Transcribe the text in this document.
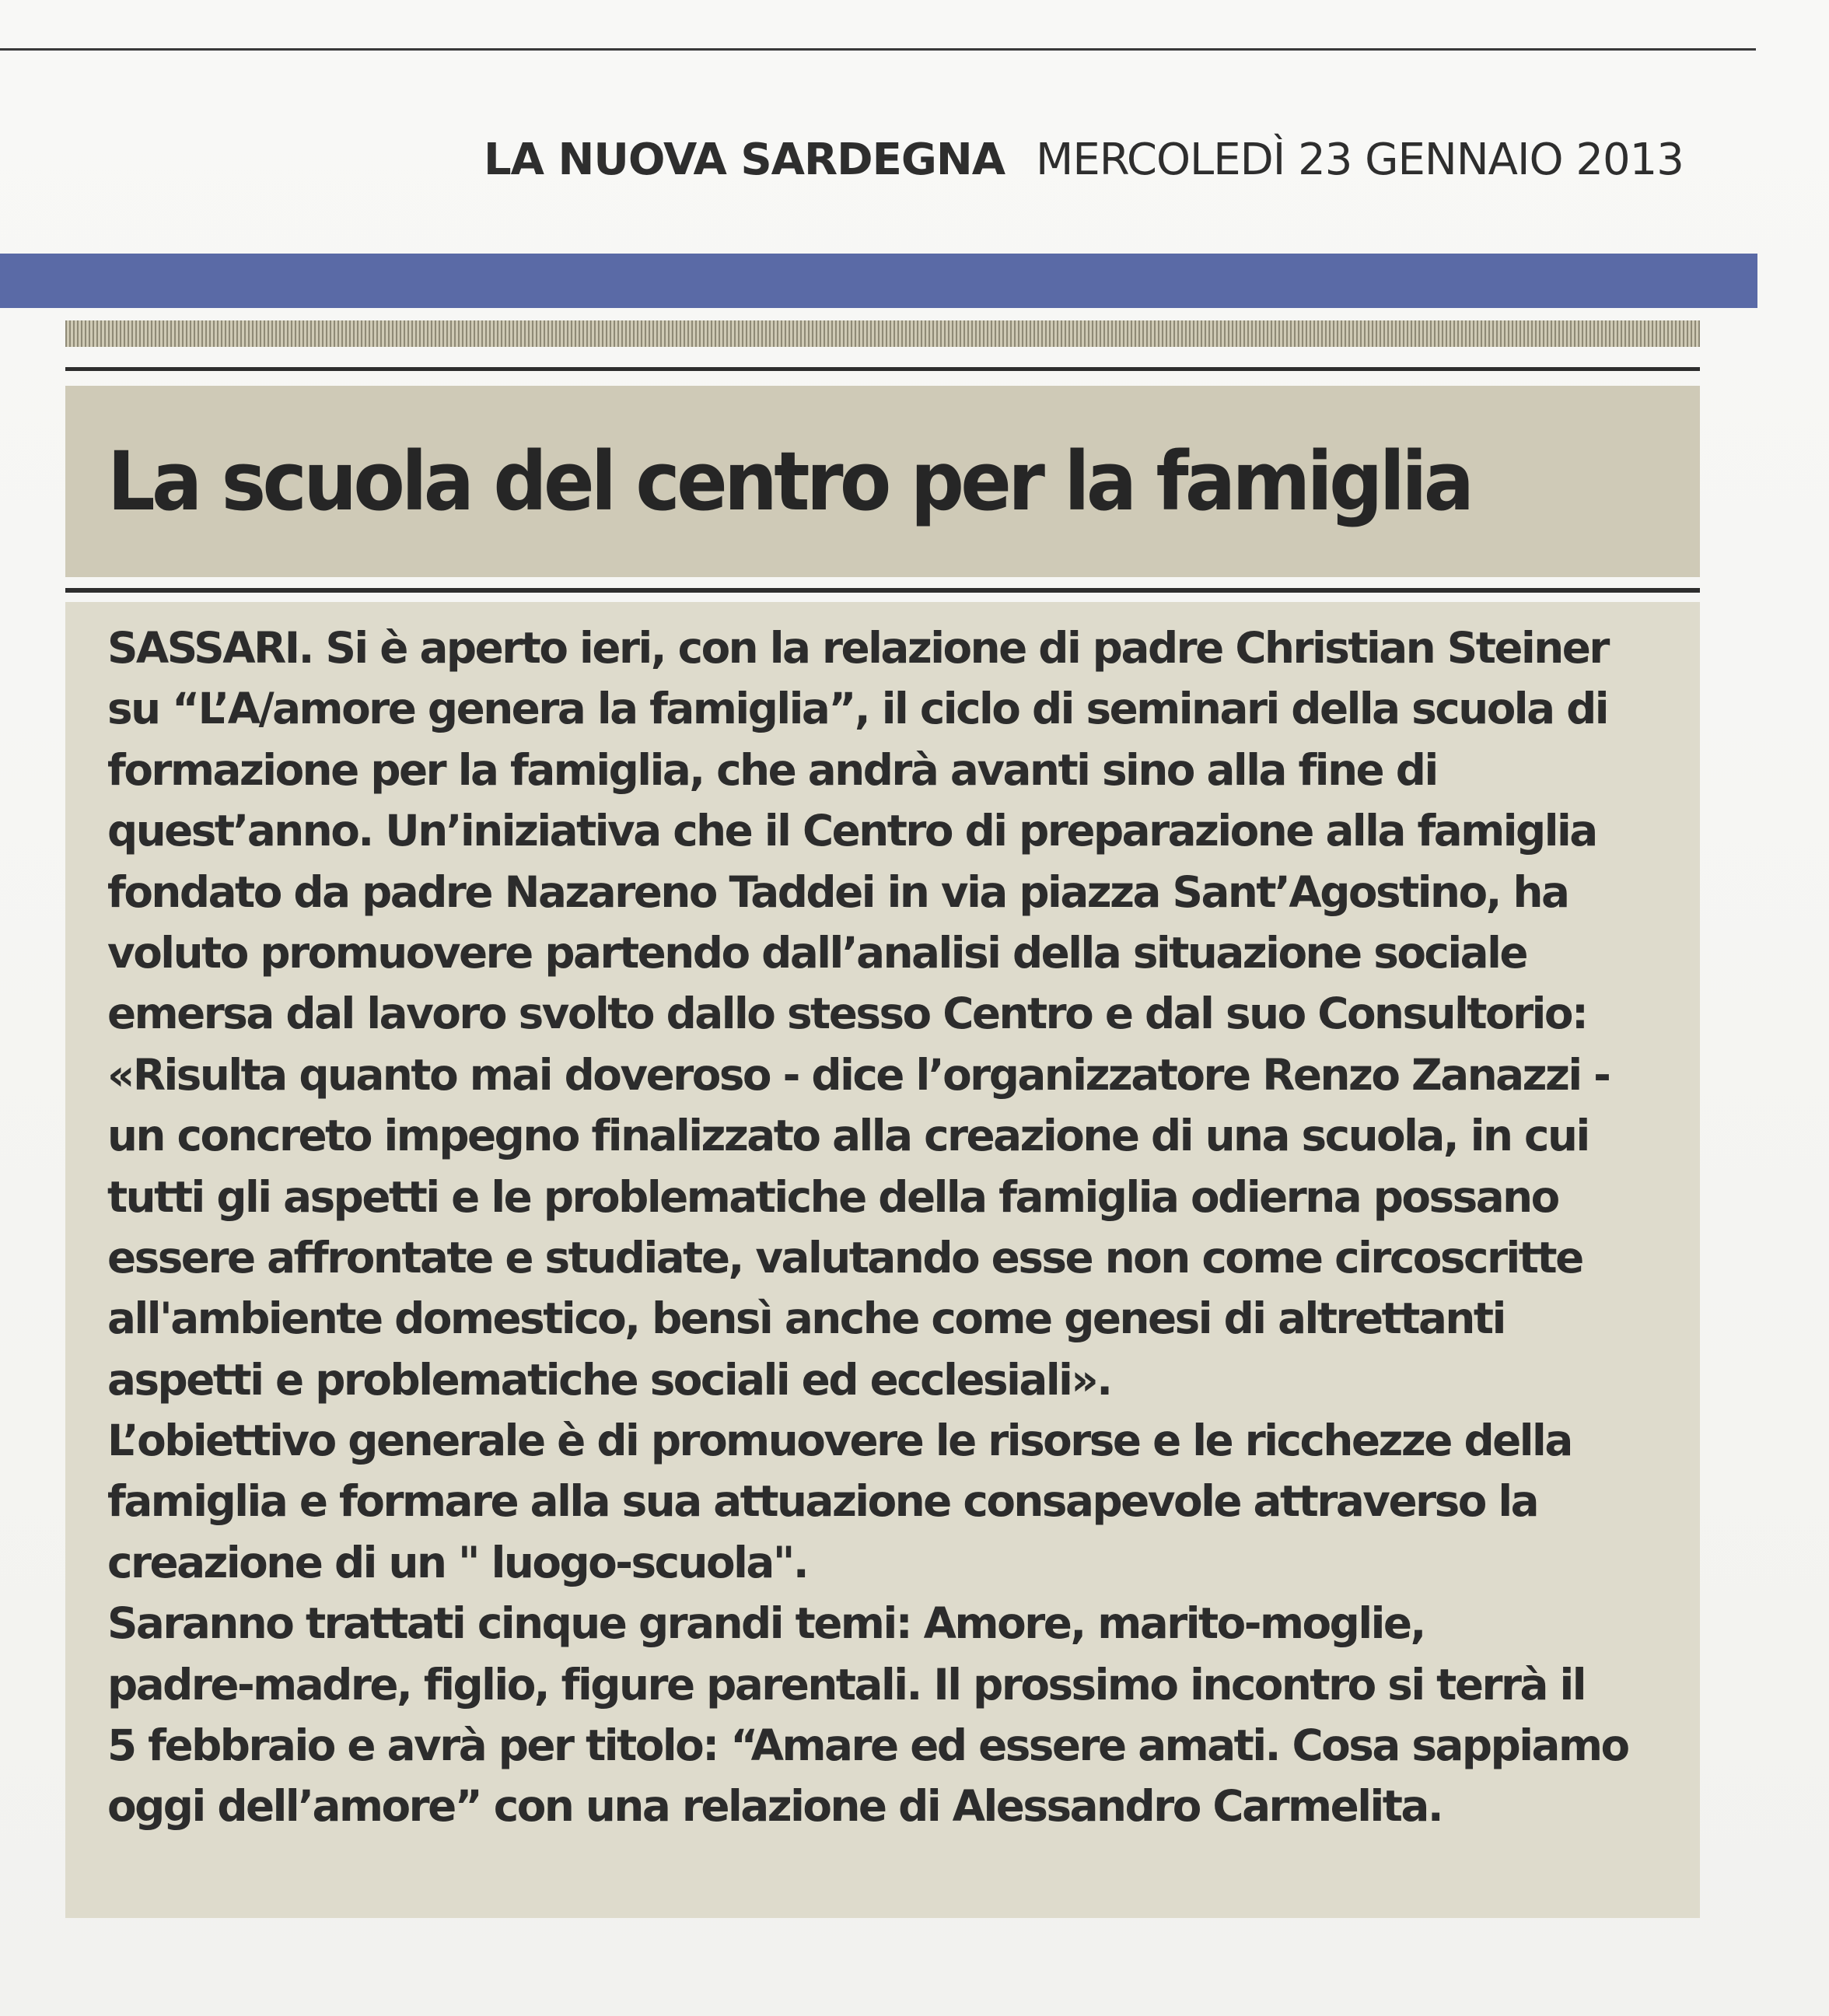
LA NUOVA SARDEGNA MERCOLEDÌ 23 GENNAIO 2013
La scuola del centro per la famiglia

SASSARI. Si è aperto ieri, con la relazione di padre Christian Steiner
su “L’A/amore genera la famiglia”, il ciclo di seminari della scuola di
formazione per la famiglia, che andrà avanti sino alla fine di
quest’anno. Un’iniziativa che il Centro di preparazione alla famiglia
fondato da padre Nazareno Taddei in via piazza Sant’Agostino, ha
voluto promuovere partendo dall’analisi della situazione sociale
emersa dal lavoro svolto dallo stesso Centro e dal suo Consultorio:
«Risulta quanto mai doveroso - dice l’organizzatore Renzo Zanazzi -
un concreto impegno finalizzato alla creazione di una scuola, in cui
tutti gli aspetti e le problematiche della famiglia odierna possano
essere affrontate e studiate, valutando esse non come circoscritte
all'ambiente domestico, bensì anche come genesi di altrettanti
aspetti e problematiche sociali ed ecclesiali».
L’obiettivo generale è di promuovere le risorse e le ricchezze della
famiglia e formare alla sua attuazione consapevole attraverso la
creazione di un " luogo-scuola".
Saranno trattati cinque grandi temi: Amore, marito-moglie,
padre-madre, figlio, figure parentali. Il prossimo incontro si terrà il
5 febbraio e avrà per titolo: “Amare ed essere amati. Cosa sappiamo
oggi dell’amore” con una relazione di Alessandro Carmelita.
